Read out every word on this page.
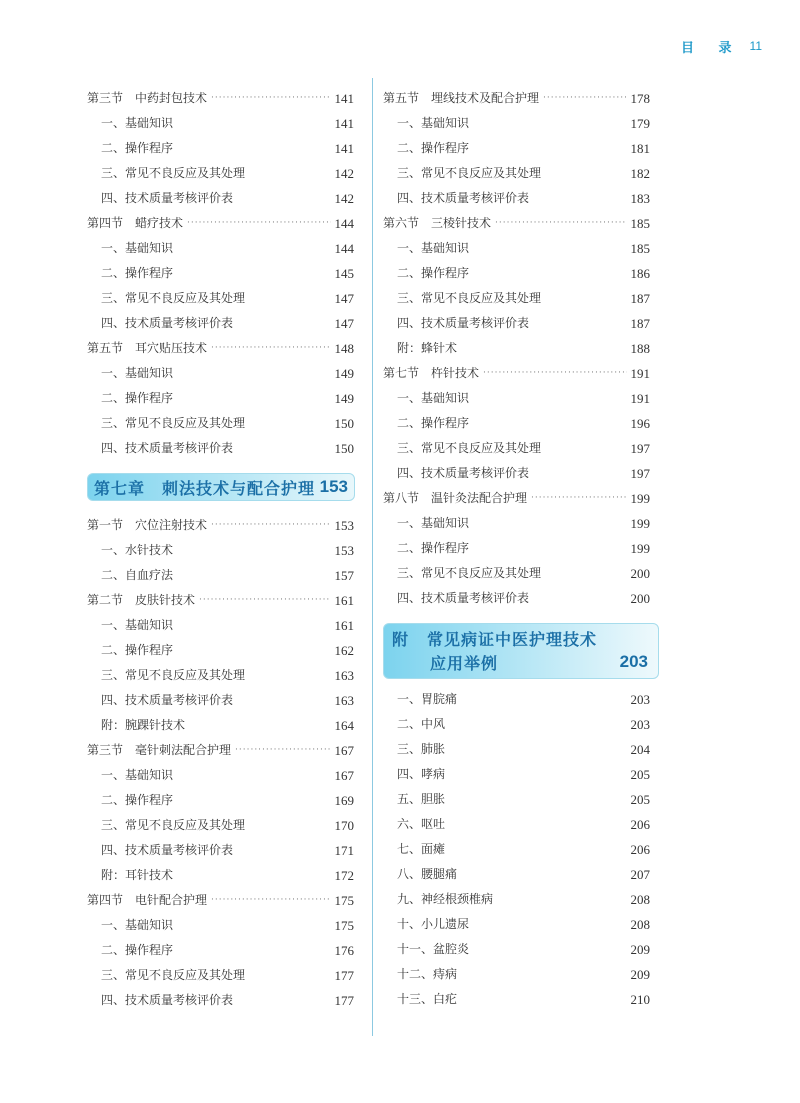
目 录 11
第三节　中药封包技术 ·····	141
一、基础知识	141
二、操作程序	141
三、常见不良反应及其处理	142
四、技术质量考核评价表	142
第四节　蜡疗技术 ·····	144
一、基础知识	144
二、操作程序	145
三、常见不良反应及其处理	147
四、技术质量考核评价表	147
第五节　耳穴贴压技术 ·····	148
一、基础知识	149
二、操作程序	149
三、常见不良反应及其处理	150
四、技术质量考核评价表	150
第七章　刺法技术与配合护理 153
第一节　穴位注射技术 ·····	153
一、水针技术	153
二、自血疗法	157
第二节　皮肤针技术 ·····	161
一、基础知识	161
二、操作程序	162
三、常见不良反应及其处理	163
四、技术质量考核评价表	163
附：腕踝针技术	164
第三节　毫针刺法配合护理 ·····	167
一、基础知识	167
二、操作程序	169
三、常见不良反应及其处理	170
四、技术质量考核评价表	171
附：耳针技术	172
第四节　电针配合护理 ·····	175
一、基础知识	175
二、操作程序	176
三、常见不良反应及其处理	177
四、技术质量考核评价表	177
第五节　埋线技术及配合护理 ·····	178
一、基础知识	179
二、操作程序	181
三、常见不良反应及其处理	182
四、技术质量考核评价表	183
第六节　三棱针技术 ·····	185
一、基础知识	185
二、操作程序	186
三、常见不良反应及其处理	187
四、技术质量考核评价表	187
附：蜂针术	188
第七节　杵针技术 ·····	191
一、基础知识	191
二、操作程序	196
三、常见不良反应及其处理	197
四、技术质量考核评价表	197
第八节　温针灸法配合护理 ·····	199
一、基础知识	199
二、操作程序	199
三、常见不良反应及其处理	200
四、技术质量考核评价表	200
附 常见病证中医护理技术
应用举例	203
一、胃脘痛	203
二、中风	203
三、肺胀	204
四、哮病	205
五、胆胀	205
六、呕吐	206
七、面瘫	206
八、腰腿痛	207
九、神经根颈椎病	208
十、小儿遗尿	208
十一、盆腔炎	209
十二、痔病	209
十三、白疕	210
